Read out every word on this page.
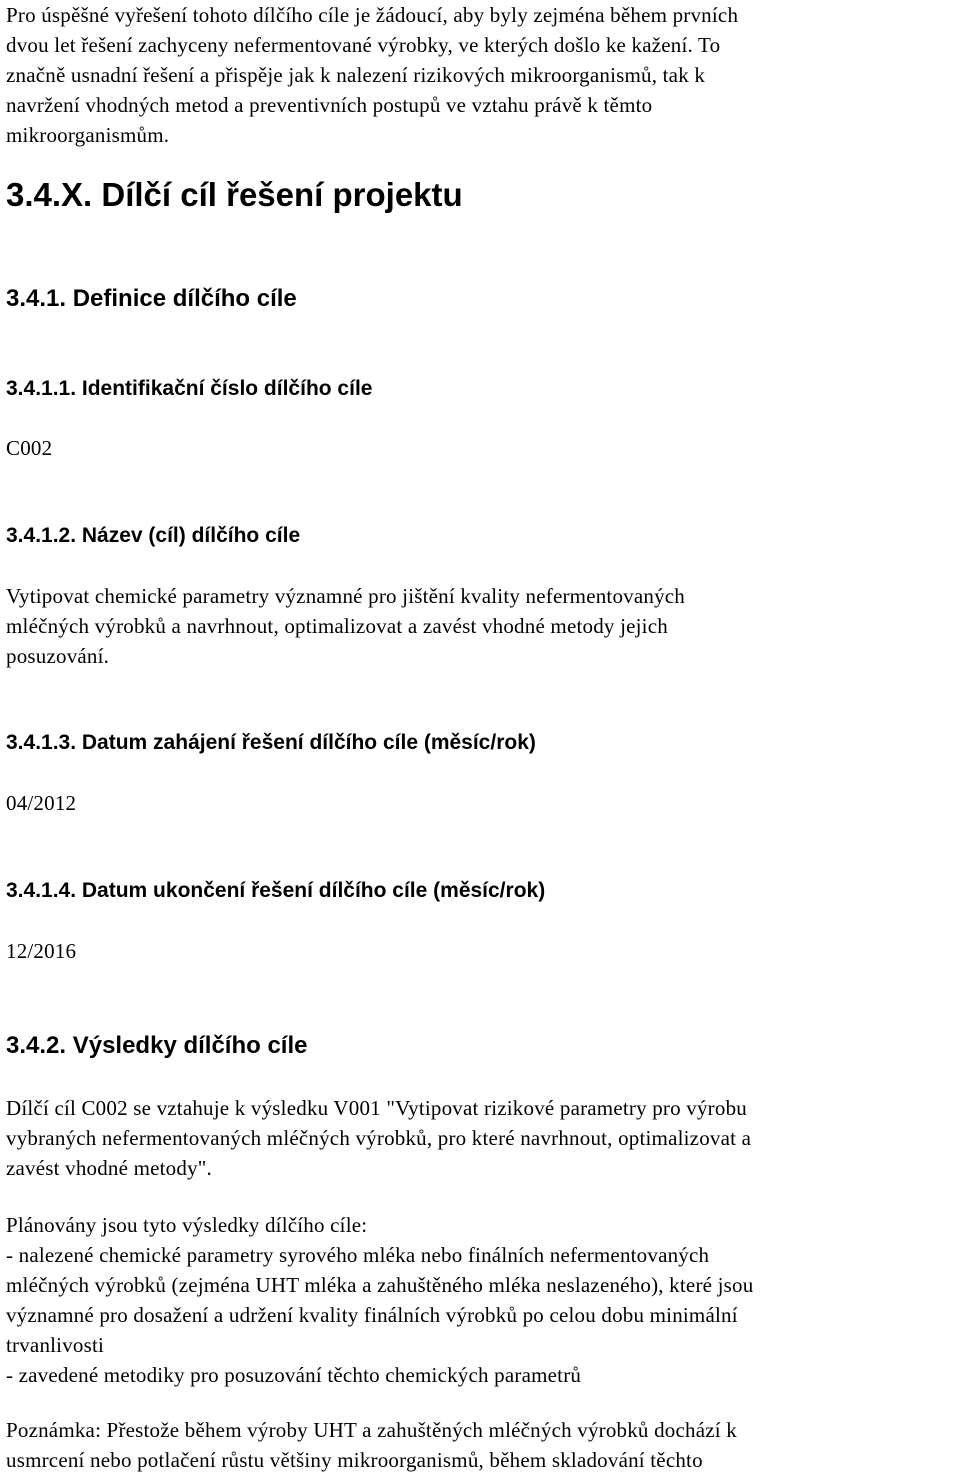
Pro úspěšné vyřešení tohoto dílčího cíle je žádoucí, aby byly zejména během prvních
dvou let řešení zachyceny nefermentované výrobky, ve kterých došlo ke kažení. To
značně usnadní řešení a přispěje jak k nalezení rizikových mikroorganismů, tak k
navržení vhodných metod a preventivních postupů ve vztahu právě k těmto
mikroorganismům.
3.4.X. Dílčí cíl řešení projektu
3.4.1. Definice dílčího cíle
3.4.1.1. Identifikační číslo dílčího cíle
C002
3.4.1.2. Název (cíl) dílčího cíle
Vytipovat chemické parametry významné pro jištění kvality nefermentovaných
mléčných výrobků a navrhnout, optimalizovat a zavést vhodné metody jejich
posuzování.
3.4.1.3. Datum zahájení řešení dílčího cíle (měsíc/rok)
04/2012
3.4.1.4. Datum ukončení řešení dílčího cíle (měsíc/rok)
12/2016
3.4.2. Výsledky dílčího cíle
Dílčí cíl C002 se vztahuje k výsledku V001 "Vytipovat rizikové parametry pro výrobu
vybraných nefermentovaných mléčných výrobků, pro které navrhnout, optimalizovat a
zavést vhodné metody".
Plánovány jsou tyto výsledky dílčího cíle:
- nalezené chemické parametry syrového mléka nebo finálních nefermentovaných
mléčných výrobků (zejména UHT mléka a zahuštěného mléka neslazeného), které jsou
významné pro dosažení a udržení kvality finálních výrobků po celou dobu minimální
trvanlivosti
- zavedené metodiky pro posuzování těchto chemických parametrů
Poznámka: Přestože během výroby UHT a zahuštěných mléčných výrobků dochází k
usmrcení nebo potlačení růstu většiny mikroorganismů, během skladování těchto
